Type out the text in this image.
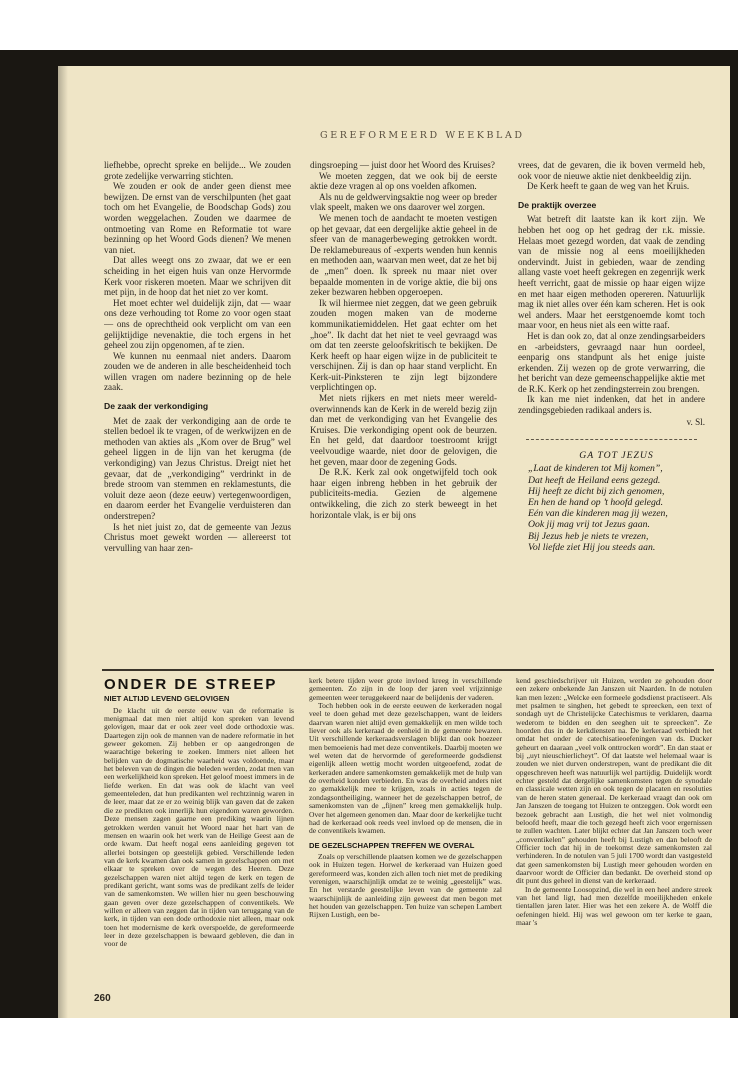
GEREFORMEERD WEEKBLAD

liefhebbe, oprecht spreke en belijde... We zouden grote zedelijke verwarring stichten.

We zouden er ook de ander geen dienst mee bewijzen. De ernst van de verschilpunten (het gaat toch om het Evangelie, de Boodschap Gods) zou worden weggelachen. Zouden we daarmee de ontmoeting van Rome en Reformatie tot ware bezinning op het Woord Gods dienen? We menen van niet.

Dat alles weegt ons zo zwaar, dat we er een scheiding in het eigen huis van onze Hervormde Kerk voor riskeren moeten. Maar we schrijven dit met pijn, in de hoop dat het niet zo ver komt.

Het moet echter wel duidelijk zijn, dat — waar ons deze verhouding tot Rome zo voor ogen staat — ons de oprechtheid ook verplicht om van een gelijktijdige nevenaktie, die toch ergens in het geheel zou zijn opgenomen, af te zien.

We kunnen nu eenmaal niet anders. Daarom zouden we de anderen in alle bescheidenheid toch willen vragen om nadere bezinning op de hele zaak.

De zaak der verkondiging

Met de zaak der verkondiging aan de orde te stellen bedoel ik te vragen, of de werkwijzen en de methoden van akties als „Kom over de Brug” wel geheel liggen in de lijn van het kerugma (de verkondiging) van Jezus Christus. Dreigt niet het gevaar, dat de „verkondiging” verdrinkt in de brede stroom van stemmen en reklamestunts, die voluit deze aeon (deze eeuw) vertegenwoordigen, en daarom eerder het Evangelie verduisteren dan onderstrepen?

Is het niet juist zo, dat de gemeente van Jezus Christus moet gewekt worden — allereerst tot vervulling van haar zen-

dingsroeping — juist door het Woord des Kruises?

We moeten zeggen, dat we ook bij de eerste aktie deze vragen al op ons voelden afkomen.

Als nu de geldwervingsaktie nog weer op breder vlak speelt, maken we ons daarover wel zorgen.

We menen toch de aandacht te moeten vestigen op het gevaar, dat een dergelijke aktie geheel in de sfeer van de managerbeweging getrokken wordt. De reklamebureaus of -experts wenden hun kennis en methoden aan, waarvan men weet, dat ze het bij de „men” doen. Ik spreek nu maar niet over bepaalde momenten in de vorige aktie, die bij ons zeker bezwaren hebben opgeroepen.

Ik wil hiermee niet zeggen, dat we geen gebruik zouden mogen maken van de moderne kommunikatiemiddelen. Het gaat echter om het „hoe”. Ik dacht dat het niet te veel gevraagd was om dat ten zeerste geloofskritisch te bekijken. De Kerk heeft op haar eigen wijze in de publiciteit te verschijnen. Zij is dan op haar stand verplicht. En Kerk-uit-Pinksteren te zijn legt bijzondere verplichtingen op.

Met niets rijkers en met niets meer wereld-overwinnends kan de Kerk in de wereld bezig zijn dan met de verkondiging van het Evangelie des Kruises. Die verkondiging opent ook de beurzen. En het geld, dat daardoor toestroomt krijgt veelvoudige waarde, niet door de gelovigen, die het geven, maar door de zegening Gods.

De R.K. Kerk zal ook ongetwijfeld toch ook haar eigen inbreng hebben in het gebruik der publiciteits-media. Gezien de algemene ontwikkeling, die zich zo sterk beweegt in het horizontale vlak, is er bij ons

vrees, dat de gevaren, die ik boven vermeld heb, ook voor de nieuwe aktie niet denkbeeldig zijn.

De Kerk heeft te gaan de weg van het Kruis.

De praktijk overzee

Wat betreft dit laatste kan ik kort zijn. We hebben het oog op het gedrag der r.k. missie. Helaas moet gezegd worden, dat vaak de zending van de missie nog al eens moeilijkheden ondervindt. Juist in gebieden, waar de zending allang vaste voet heeft gekregen en zegenrijk werk heeft verricht, gaat de missie op haar eigen wijze en met haar eigen methoden opereren. Natuurlijk mag ik niet alles over één kam scheren. Het is ook wel anders. Maar het eerstgenoemde komt toch maar voor, en heus niet als een witte raaf.

Het is dan ook zo, dat al onze zendingsarbeiders en -arbeidsters, gevraagd naar hun oordeel, eenparig ons standpunt als het enige juiste erkenden. Zij wezen op de grote verwarring, die het bericht van deze gemeenschappelijke aktie met de R.K. Kerk op het zendingsterrein zou brengen.

Ik kan me niet indenken, dat het in andere zendingsgebieden radikaal anders is.

v. Sl.
GA TOT JEZUS
„Laat de kinderen tot Mij komen”,
Dat heeft de Heiland eens gezegd.
Hij heeft ze dicht bij zich genomen,
En hen de hand op ’t hoofd gelegd.
Eén van die kinderen mag jij wezen,
Ook jij mag vrij tot Jezus gaan.
Bij Jezus heb je niets te vrezen,
Vol liefde ziet Hij jou steeds aan.
ONDER DE STREEP
NIET ALTIJD LEVEND GELOVIGEN

De klacht uit de eerste eeuw van de reformatie is menigmaal dat men niet altijd kon spreken van levend gelovigen, maar dat er ook zeer veel dode orthodoxie was. Daartegen zijn ook de mannen van de nadere reformatie in het geweer gekomen. Zij hebben er op aangedrongen de waarachtige bekering te zoeken. Immers niet alleen het belijden van de dogmatische waarheid was voldoende, maar het beleven van de dingen die beleden werden, zodat men van een werkelijkheid kon spreken. Het geloof moest immers in de liefde werken. En dat was ook de klacht van veel gemeenteleden, dat hun predikanten wel rechtzinnig waren in de leer, maar dat ze er zo weinig blijk van gaven dat de zaken die ze predikten ook innerlijk hun eigendom waren geworden. Deze mensen zagen gaarne een prediking waarin lijnen getrokken werden vanuit het Woord naar het hart van de mensen en waarin ook het werk van de Heilige Geest aan de orde kwam. Dat heeft nogal eens aanleiding gegeven tot allerlei botsingen op geestelijk gebied. Verschillende leden van de kerk kwamen dan ook samen in gezelschappen om met elkaar te spreken over de wegen des Heeren. Deze gezelschappen waren niet altijd tegen de kerk en tegen de predikant gericht, want soms was de predikant zelfs de leider van de samenkomsten. We willen hier nu geen beschouwing gaan geven over deze gezelschappen of conventikels. We willen er alleen van zeggen dat in tijden van teruggang van de kerk, in tijden van een dode orthodoxie niet alleen, maar ook toen het modernisme de kerk overspoelde, de gereformeerde leer in deze gezelschappen is bewaard gebleven, die dan in voor de

kerk betere tijden weer grote invloed kreeg in verschillende gemeenten. Zo zijn in de loop der jaren veel vrijzinnige gemeenten weer teruggekeerd naar de belijdenis der vaderen.

Toch hebben ook in de eerste eeuwen de kerkeraden nogal veel te doen gehad met deze gezelschappen, want de leiders daarvan waren niet altijd even gemakkelijk en men wilde toch liever ook als kerkeraad de eenheid in de gemeente bewaren. Uit verschillende kerkeraadsverslagen blijkt dan ook hoezeer men bemoeienis had met deze conventikels. Daarbij moeten we wel weten dat de hervormde of gereformeerde godsdienst eigenlijk alleen wettig mocht worden uitgeoefend, zodat de kerkeraden andere samenkomsten gemakkelijk met de hulp van de overheid konden verbieden. En was de overheid anders niet zo gemakkelijk mee te krijgen, zoals in acties tegen de zondagsontheiliging, wanneer het de gezelschappen betrof, de samenkomsten van de „fijnen” kreeg men gemakkelijk hulp. Over het algemeen genomen dan. Maar door de kerkelijke tucht had de kerkeraad ook reeds veel invloed op de mensen, die in de conventikels kwamen.

DE GEZELSCHAPPEN TREFFEN WE OVERAL

Zoals op verschillende plaatsen komen we de gezelschappen ook in Huizen tegen. Horwel de kerkeraad van Huizen goed gereformeerd was, konden zich allen toch niet met de prediking verenigen, waarschijnlijk omdat ze te weinig „geestelijk” was. En het verstarde geestelijke leven van de gemeente zal waarschijnlijk de aanleiding zijn geweest dat men begon met het houden van gezelschappen. Ten huize van schepen Lambert Rijxen Lustigh, een be-

kend geschiedschrijver uit Huizen, werden ze gehouden door een zekere onbekende Jan Janszen uit Naarden. In de notulen kan men lezen: „Welcke een formeele godsdienst practiseert. Als met psalmen te singhen, het gebedt te spreecken, een text of sondagh uyt de Christelijcke Catechismus te verklaren, daarna wederom te bidden en den seeghen uit te spreecken”. Ze hoorden dus in de kerkdiensten na. De kerkeraad verbiedt het omdat het onder de catechisatieoefeningen van ds. Ducker geheurt en daaraan „veel volk onttrocken wordt”. En dan staat er bij „uyt nieuschierlicheyt”. Of dat laatste wel helemaal waar is zouden we niet durven onderstrepen, want de predikant die dit opgeschreven heeft was natuurlijk wel partijdig. Duidelijk wordt echter gesteld dat dergelijke samenkomsten tegen de synodale en classicale wetten zijn en ook tegen de placaten en resoluties van de heren staten generaal. De kerkeraad vraagt dan ook om Jan Janszen de toegang tot Huizen te ontzeggen. Ook wordt een bezoek gebracht aan Lustigh, die het wel niet volmondig beloofd heeft, maar die toch gezegd heeft zich voor ergernissen te zullen wachten. Later blijkt echter dat Jan Janszen toch weer „conventikelen” gehouden heeft bij Lustigh en dan belooft de Officier toch dat hij in de toekomst deze samenkomsten zal verhinderen. In de notulen van 5 juli 1700 wordt dan vastgesteld dat geen samenkomsten bij Lustigh meer gehouden worden en daarvoor wordt de Officier dan bedankt. De overheid stond op dit punt dus geheel in dienst van de kerkeraad.

In de gemeente Loosopzind, die wel in een heel andere streek van het land ligt, had men dezelfde moeilijkheden enkele tientallen jaren later. Hier was het een zekere A. de Wolff die oefeningen hield. Hij was wel gewoon om ter kerke te gaan, maar 's

260
